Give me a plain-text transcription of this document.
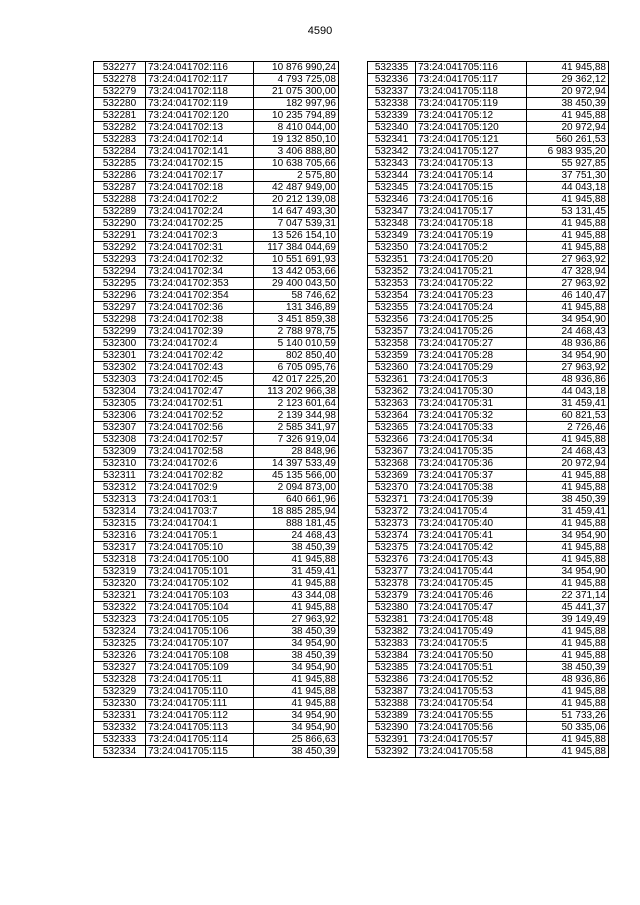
4590
532277	73:24:041702:116	10 876 990,24
532278	73:24:041702:117	4 793 725,08
532279	73:24:041702:118	21 075 300,00
532280	73:24:041702:119	182 997,96
532281	73:24:041702:120	10 235 794,89
532282	73:24:041702:13	8 410 044,00
532283	73:24:041702:14	19 132 850,10
532284	73:24:041702:141	3 406 888,80
532285	73:24:041702:15	10 638 705,66
532286	73:24:041702:17	2 575,80
532287	73:24:041702:18	42 487 949,00
532288	73:24:041702:2	20 212 139,08
532289	73:24:041702:24	14 647 493,30
532290	73:24:041702:25	7 047 539,31
532291	73:24:041702:3	13 526 154,10
532292	73:24:041702:31	117 384 044,69
532293	73:24:041702:32	10 551 691,93
532294	73:24:041702:34	13 442 053,66
532295	73:24:041702:353	29 400 043,50
532296	73:24:041702:354	58 746,62
532297	73:24:041702:36	131 346,89
532298	73:24:041702:38	3 451 859,38
532299	73:24:041702:39	2 788 978,75
532300	73:24:041702:4	5 140 010,59
532301	73:24:041702:42	802 850,40
532302	73:24:041702:43	6 705 095,76
532303	73:24:041702:45	42 017 225,20
532304	73:24:041702:47	113 202 966,38
532305	73:24:041702:51	2 123 601,64
532306	73:24:041702:52	2 139 344,98
532307	73:24:041702:56	2 585 341,97
532308	73:24:041702:57	7 326 919,04
532309	73:24:041702:58	28 848,96
532310	73:24:041702:6	14 397 533,49
532311	73:24:041702:82	45 135 566,00
532312	73:24:041702:9	2 094 873,00
532313	73:24:041703:1	640 661,96
532314	73:24:041703:7	18 885 285,94
532315	73:24:041704:1	888 181,45
532316	73:24:041705:1	24 468,43
532317	73:24:041705:10	38 450,39
532318	73:24:041705:100	41 945,88
532319	73:24:041705:101	31 459,41
532320	73:24:041705:102	41 945,88
532321	73:24:041705:103	43 344,08
532322	73:24:041705:104	41 945,88
532323	73:24:041705:105	27 963,92
532324	73:24:041705:106	38 450,39
532325	73:24:041705:107	34 954,90
532326	73:24:041705:108	38 450,39
532327	73:24:041705:109	34 954,90
532328	73:24:041705:11	41 945,88
532329	73:24:041705:110	41 945,88
532330	73:24:041705:111	41 945,88
532331	73:24:041705:112	34 954,90
532332	73:24:041705:113	34 954,90
532333	73:24:041705:114	25 866,63
532334	73:24:041705:115	38 450,39
532335	73:24:041705:116	41 945,88
532336	73:24:041705:117	29 362,12
532337	73:24:041705:118	20 972,94
532338	73:24:041705:119	38 450,39
532339	73:24:041705:12	41 945,88
532340	73:24:041705:120	20 972,94
532341	73:24:041705:121	560 261,53
532342	73:24:041705:127	6 983 935,20
532343	73:24:041705:13	55 927,85
532344	73:24:041705:14	37 751,30
532345	73:24:041705:15	44 043,18
532346	73:24:041705:16	41 945,88
532347	73:24:041705:17	53 131,45
532348	73:24:041705:18	41 945,88
532349	73:24:041705:19	41 945,88
532350	73:24:041705:2	41 945,88
532351	73:24:041705:20	27 963,92
532352	73:24:041705:21	47 328,94
532353	73:24:041705:22	27 963,92
532354	73:24:041705:23	46 140,47
532355	73:24:041705:24	41 945,88
532356	73:24:041705:25	34 954,90
532357	73:24:041705:26	24 468,43
532358	73:24:041705:27	48 936,86
532359	73:24:041705:28	34 954,90
532360	73:24:041705:29	27 963,92
532361	73:24:041705:3	48 936,86
532362	73:24:041705:30	44 043,18
532363	73:24:041705:31	31 459,41
532364	73:24:041705:32	60 821,53
532365	73:24:041705:33	2 726,46
532366	73:24:041705:34	41 945,88
532367	73:24:041705:35	24 468,43
532368	73:24:041705:36	20 972,94
532369	73:24:041705:37	41 945,88
532370	73:24:041705:38	41 945,88
532371	73:24:041705:39	38 450,39
532372	73:24:041705:4	31 459,41
532373	73:24:041705:40	41 945,88
532374	73:24:041705:41	34 954,90
532375	73:24:041705:42	41 945,88
532376	73:24:041705:43	41 945,88
532377	73:24:041705:44	34 954,90
532378	73:24:041705:45	41 945,88
532379	73:24:041705:46	22 371,14
532380	73:24:041705:47	45 441,37
532381	73:24:041705:48	39 149,49
532382	73:24:041705:49	41 945,88
532383	73:24:041705:5	41 945,88
532384	73:24:041705:50	41 945,88
532385	73:24:041705:51	38 450,39
532386	73:24:041705:52	48 936,86
532387	73:24:041705:53	41 945,88
532388	73:24:041705:54	41 945,88
532389	73:24:041705:55	51 733,26
532390	73:24:041705:56	50 335,06
532391	73:24:041705:57	41 945,88
532392	73:24:041705:58	41 945,88
